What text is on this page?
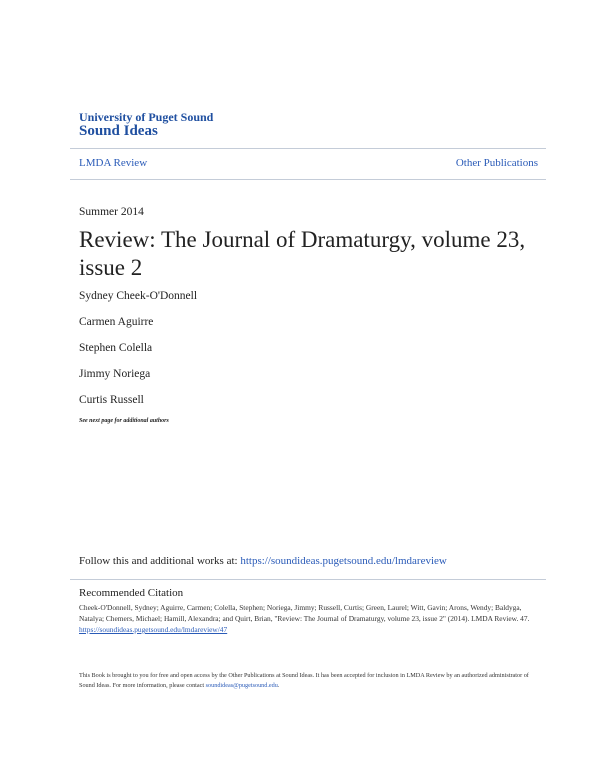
University of Puget Sound
Sound Ideas
LMDA Review	Other Publications
Summer 2014
Review: The Journal of Dramaturgy, volume 23, issue 2
Sydney Cheek-O'Donnell
Carmen Aguirre
Stephen Colella
Jimmy Noriega
Curtis Russell
See next page for additional authors
Follow this and additional works at: https://soundideas.pugetsound.edu/lmdareview
Recommended Citation
Cheek-O'Donnell, Sydney; Aguirre, Carmen; Colella, Stephen; Noriega, Jimmy; Russell, Curtis; Green, Laurel; Witt, Gavin; Arons, Wendy; Baldyga, Natalya; Chemers, Michael; Hamill, Alexandra; and Quirt, Brian, "Review: The Journal of Dramaturgy, volume 23, issue 2" (2014). LMDA Review. 47.
https://soundideas.pugetsound.edu/lmdareview/47
This Book is brought to you for free and open access by the Other Publications at Sound Ideas. It has been accepted for inclusion in LMDA Review by an authorized administrator of Sound Ideas. For more information, please contact soundideas@pugetsound.edu.
